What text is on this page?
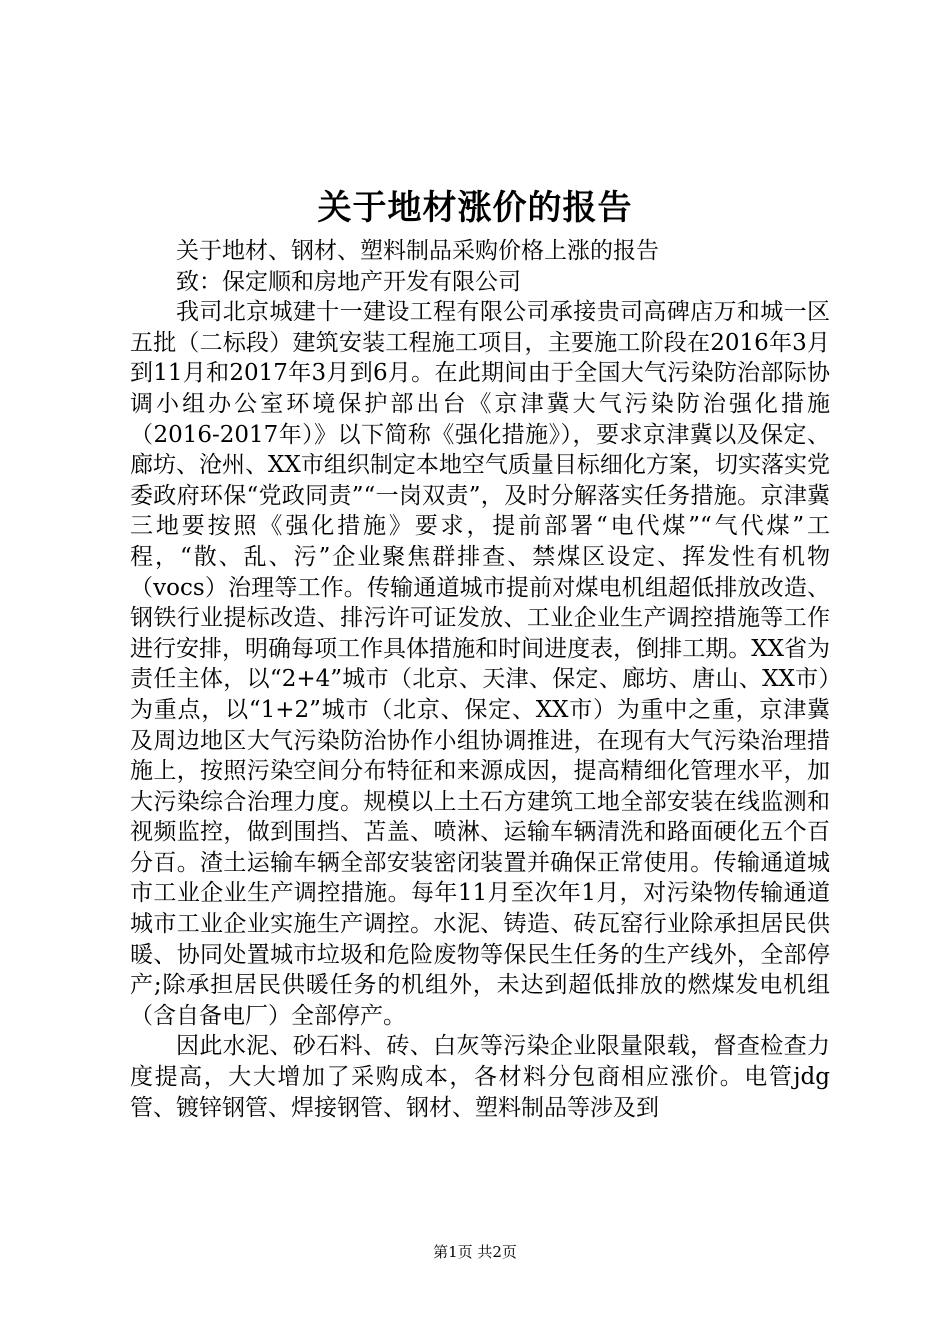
关于地材涨价的报告

关于地材、钢材、塑料制品采购价格上涨的报告

致：保定顺和房地产开发有限公司

我司北京城建十一建设工程有限公司承接贵司高碑店万和城一区五批（二标段）建筑安装工程施工项目，主要施工阶段在2016年3月到11月和2017年3月到6月。在此期间由于全国大气污染防治部际协调小组办公室环境保护部出台《京津冀大气污染防治强化措施（2016-2017年）》以下简称《强化措施》），要求京津冀以及保定、廊坊、沧州、XX市组织制定本地空气质量目标细化方案，切实落实党委政府环保“党政同责”“一岗双责”，及时分解落实任务措施。京津冀三地要按照《强化措施》要求，提前部署“电代煤”“气代煤”工程，“散、乱、污”企业聚焦群排查、禁煤区设定、挥发性有机物（vocs）治理等工作。传输通道城市提前对煤电机组超低排放改造、钢铁行业提标改造、排污许可证发放、工业企业生产调控措施等工作进行安排，明确每项工作具体措施和时间进度表，倒排工期。XX省为责任主体，以“2+4”城市（北京、天津、保定、廊坊、唐山、XX市）为重点，以“1+2”城市（北京、保定、XX市）为重中之重，京津冀及周边地区大气污染防治协作小组协调推进，在现有大气污染治理措施上，按照污染空间分布特征和来源成因，提高精细化管理水平，加大污染综合治理力度。规模以上土石方建筑工地全部安装在线监测和视频监控，做到围挡、苫盖、喷淋、运输车辆清洗和路面硬化五个百分百。渣土运输车辆全部安装密闭装置并确保正常使用。传输通道城市工业企业生产调控措施。每年11月至次年1月，对污染物传输通道城市工业企业实施生产调控。水泥、铸造、砖瓦窑行业除承担居民供暖、协同处置城市垃圾和危险废物等保民生任务的生产线外，全部停产;除承担居民供暖任务的机组外，未达到超低排放的燃煤发电机组（含自备电厂）全部停产。

因此水泥、砂石料、砖、白灰等污染企业限量限载，督查检查力度提高，大大增加了采购成本，各材料分包商相应涨价。电管jdg管、镀锌钢管、焊接钢管、钢材、塑料制品等涉及到

第1页 共2页
